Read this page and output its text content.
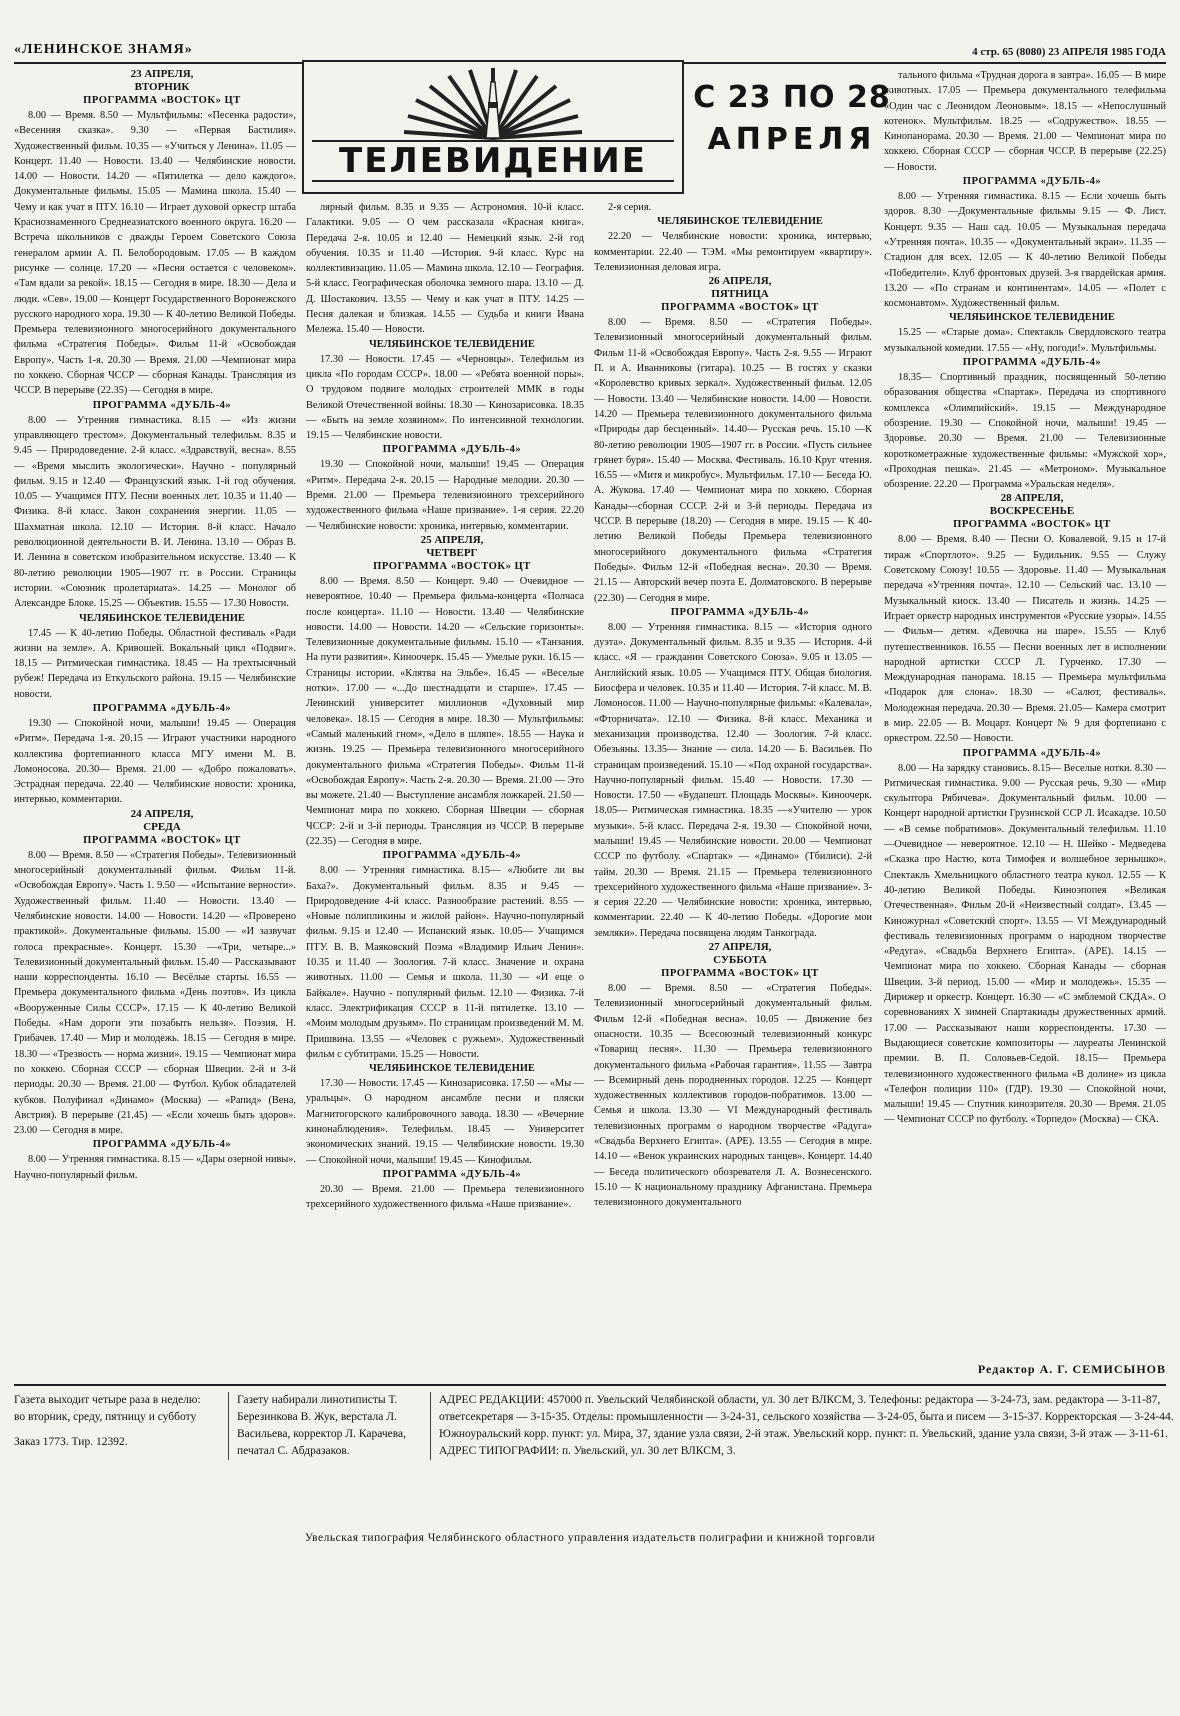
«ЛЕНИНСКОЕ ЗНАМЯ»	4 стр. 65 (8080) 23 АПРЕЛЯ 1985 ГОДА
ТЕЛЕВИДЕНИЕ
С 23 ПО 28
АПРЕЛЯ

23 АПРЕЛЯ,

ВТОРНИК

ПРОГРАММА «ВОСТОК» ЦТ

8.00 — Время. 8.50 — Мультфильмы: «Песенка радости», «Весенняя сказка». 9.30 — «Первая Бастилия». Художественный фильм. 10.35 — «Учиться у Ленина». 11.05 — Концерт. 11.40 — Новости. 13.40 — Челябинские новости. 14.00 — Новости. 14.20 — «Пятилетка — дело каждого». Документальные фильмы. 15.05 — Мамина школа. 15.40 —Чему и как учат в ПТУ. 16.10 — Играет духовой оркестр штаба Краснознаменного Среднеазиатского военного округа. 16.20 — Встреча школьников с дважды Героем Советского Союза генералом армии А. П. Белобородовым. 17.05 — В каждом рисунке — солнце. 17.20 — «Песня остается с человеком». «Там вдали за рекой». 18.15 — Сегодня в мире. 18.30 — Дела и люди. «Сев». 19.00 — Концерт Государственного Воронежского русского народного хора. 19.30 — К 40-летию Великой Победы. Премьера телевизионного многосерийного документального фильма «Стратегия Победы». Фильм 11-й «Освобождая Европу». Часть 1-я. 20.30 — Время. 21.00 —Чемпионат мира по хоккею. Сборная ЧССР — сборная Канады. Трансляция из ЧССР. В перерыве (22.35) — Сегодня в мире.

ПРОГРАММА «ДУБЛЬ-4»

8.00 — Утренняя гимнастика. 8.15 — «Из жизни управляющего трестом». Документальный телефильм. 8.35 и 9.45 — Природоведение. 2-й класс. «Здравствуй, весна». 8.55 — «Время мыслить экологически». Научно - популярный фильм. 9.15 и 12.40 — Французский язык. 1-й год обучения. 10.05 — Учащимся ПТУ. Песни военных лет. 10.35 и 11.40 — Физика. 8-й класс. Закон сохранения энергии. 11.05 — Шахматная школа. 12.10 — История. 8-й класс. Начало революционной деятельности В. И. Ленина. 13.10 — Образ В. И. Ленина в советском изобразительном искусстве. 13.40 — К 80-летию революции 1905—1907 гг. в России. Страницы истории. «Союзник пролетариата». 14.25 — Монолог об Александре Блоке. 15.25 — Объектив. 15.55 — 17.30 Новости.

ЧЕЛЯБИНСКОЕ ТЕЛЕВИДЕНИЕ

17.45 — К 40-летию Победы. Областной фестиваль «Ради жизни на земле». А. Кривошей. Вокальный цикл «Подвиг». 18.15 — Ритмическая гимнастика. 18.45 — На трехтысячный рубеж! Передача из Еткульского района. 19.15 — Челябинские новости.

ПРОГРАММА «ДУБЛЬ-4»

19.30 — Спокойной ночи, малыши! 19.45 — Операция «Ритм». Передача 1-я. 20.15 — Играют участники народного коллектива фортепианного класса МГУ имени М. В. Ломоносова. 20.30— Время. 21.00 — «Добро пожаловать». Эстрадная передача. 22.40 — Челябинские новости: хроника, интервью, комментарии.

24 АПРЕЛЯ,

СРЕДА

ПРОГРАММА «ВОСТОК» ЦТ

8.00 — Время. 8.50 — «Стратегия Победы». Телевизионный многосерийный документальный фильм. Фильм 11-й. «Освобождая Европу». Часть 1. 9.50 — «Испытание верности». Художественный фильм. 11.40 — Новости. 13.40 — Челябинские новости. 14.00 — Новости. 14.20 — «Проверено практикой». Документальные фильмы. 15.00 — «И зазвучат голоса прекрасные». Концерт. 15.30 —«Три, четыре...» Телевизионный документальный фильм. 15.40 — Рассказывают наши корреспонденты. 16.10 — Весёлые старты. 16.55 — Премьера документального фильма «День поэтов». Из цикла «Вооруженные Силы СССР». 17.15 — К 40-летию Великой Победы. «Нам дороги эти позабыть нельзя». Поэзия. Н. Грибачев. 17.40 — Мир и молодежь. 18.15 — Сегодня в мире. 18.30 — «Трезвость — норма жизни». 19.15 — Чемпионат мира по хоккею. Сборная СССР — сборная Швеции. 2-й и 3-й периоды. 20.30 — Время. 21.00 — Футбол. Кубок обладателей кубков. Полуфинал «Динамо» (Москва) — «Рапид» (Вена, Австрия). В перерыве (21.45) — «Если хочешь быть здоров». 23.00 — Сегодня в мире.

ПРОГРАММА «ДУБЛЬ-4»

8.00 — Утренняя гимнастика. 8.15 — «Дары озерной нивы». Научно-популярный фильм.

лярный фильм. 8.35 и 9.35 — Астрономия. 10-й класс. Галактики. 9.05 — О чем рассказала «Красная книга». Передача 2-я. 10.05 и 12.40 — Немецкий язык. 2-й год обучения. 10.35 и 11.40 —История. 9-й класс. Курс на коллективизацию. 11.05 — Мамина школа. 12.10 — География. 5-й класс. Географическая оболочка земного шара. 13.10 — Д. Д. Шостакович. 13.55 — Чему и как учат в ПТУ. 14.25 — Песня далекая и близкая. 14.55 — Судьба и книги Ивана Мележа. 15.40 — Новости.

ЧЕЛЯБИНСКОЕ ТЕЛЕВИДЕНИЕ

17.30 — Новости. 17.45 — «Черновцы». Телефильм из цикла «По городам СССР». 18.00 — «Ребята военной поры». О трудовом подвиге молодых строителей ММК в годы Великой Отечественной войны. 18.30 — Кинозарисовка. 18.35 — «Быть на земле хозяином». По интенсивной технологии. 19.15 — Челябинские новости.

ПРОГРАММА «ДУБЛЬ-4»

19.30 — Спокойной ночи, малыши! 19.45 — Операция «Ритм». Передача 2-я. 20.15 — Народные мелодии. 20.30 — Время. 21.00 — Премьера телевизионного трехсерийного художественного фильма «Наше призвание». 1-я серия. 22.20 — Челябинские новости: хроника, интервью, комментарии.

25 АПРЕЛЯ,

ЧЕТВЕРГ

ПРОГРАММА «ВОСТОК» ЦТ

8.00 — Время. 8.50 — Концерт. 9.40 — Очевидное — невероятное. 10.40 — Премьера фильма-концерта «Полчаса после концерта». 11.10 — Новости. 13.40 — Челябинские новости. 14.00 — Новости. 14.20 — «Сельские горизонты». Телевизионные документальные фильмы. 15.10 — «Танзания. На пути развития». Киноочерк. 15.45 — Умелые руки. 16.15 — Страницы истории. «Клятва на Эльбе». 16.45 — «Веселые нотки». 17.00 — «...До шестнадцати и старше». 17.45 — Ленинский университет миллионов «Духовный мир человека». 18.15 — Сегодня в мире. 18.30 — Мультфильмы: «Самый маленький гном», «Дело в шляпе». 18.55 — Наука и жизнь. 19.25 — Премьера телевизионного многосерийного документального фильма «Стратегия Победы». Фильм 11-й «Освобождая Европу». Часть 2-я. 20.30 — Время. 21.00 — Это вы можете. 21.40 — Выступление ансамбля ложкарей. 21.50 — Чемпионат мира по хоккею. Сборная Швеции — сборная ЧССР: 2-й и 3-й периоды. Трансляция из ЧССР. В перерыве (22.35) — Сегодня в мире.

ПРОГРАММА «ДУБЛЬ-4»

8.00 — Утренняя гимнастика. 8.15— «Любите ли вы Баха?». Документальный фильм. 8.35 и 9.45 — Природоведение 4-й класс. Разнообразие растений. 8.55 — «Новые полипликины и жилой район». Научно-популярный фильм. 9.15 и 12.40 — Испанский язык. 10.05— Учащимся ПТУ. В. В. Маяковский Поэма «Владимир Ильич Ленин». 10.35 и 11.40 — Зоология. 7-й класс. Значение и охрана животных. 11.00 — Семья и школа. 11.30 — «И еще о Байкале». Научно - популярный фильм. 12.10 — Физика. 7-й класс. Электрификация СССР в 11-й пятилетке. 13.10 — «Моим молодым друзьям». По страницам произведений М. М. Пришвина. 13.55 — «Человек с ружьем». Художественный фильм с субтитрами. 15.25 — Новости.

ЧЕЛЯБИНСКОЕ ТЕЛЕВИДЕНИЕ

17.30 — Новости. 17.45 — Кинозарисовка. 17.50 — «Мы — уральцы». О народном ансамбле песни и пляски Магнитогорского калибровочного завода. 18.30 — «Вечерние кинонаблюдения». Телефильм. 18.45 — Университет экономических знаний. 19.15 — Челябинские новости. 19.30 — Спокойной ночи, малыши! 19.45 — Кинофильм.

ПРОГРАММА «ДУБЛЬ-4»

20.30 — Время. 21.00 — Премьера телевизионного трехсерийного художественного фильма «Наше призвание».

2-я серия.

ЧЕЛЯБИНСКОЕ ТЕЛЕВИДЕНИЕ

22.20 — Челябинские новости: хроника, интервью, комментарии. 22.40 — ТЭМ. «Мы ремонтируем «квартиру». Телевизионная деловая игра.

26 АПРЕЛЯ,

ПЯТНИЦА

ПРОГРАММА «ВОСТОК» ЦТ

8.00 — Время. 8.50 — «Стратегия Победы». Телевизионный многосерийный документальный фильм. Фильм 11-й «Освобождая Европу». Часть 2-я. 9.55 — Играют П. и А. Иванниковы (гитара). 10.25 — В гостях у сказки «Королевство кривых зеркал». Художественный фильм. 12.05 — Новости. 13.40 — Челябинские новости. 14.00 — Новости. 14.20 — Премьера телевизионного документального фильма «Природы дар бесценный». 14.40— Русская речь. 15.10 —К 80-летию революции 1905—1907 гг. в России. «Пусть сильнее грянет буря». 15.40 — Москва. Фестиваль. 16.10 Круг чтения. 16.55 — «Митя и микробус». Мультфильм. 17.10 — Беседа Ю. А. Жукова. 17.40 — Чемпионат мира по хоккею. Сборная Канады—сборная СССР. 2-й и 3-й периоды. Передача из ЧССР. В перерыве (18.20) — Сегодня в мире. 19.15 — К 40-летию Великой Победы Премьера телевизионного многосерийного документального фильма «Стратегия Победы». Фильм 12-й «Победная весна». 20.30 — Время. 21.15 — Авторский вечер поэта Е. Долматовского. В перерыве (22.30) — Сегодня в мире.

ПРОГРАММА «ДУБЛЬ-4»

8.00 — Утренняя гимнастика. 8.15 — «История одного дуэта». Документальный фильм. 8.35 и 9.35 — История. 4-й класс. «Я — гражданин Советского Союза». 9.05 и 13.05 — Английский язык. 10.05 — Учащимся ПТУ. Общая биология. Биосфера и человек. 10.35 и 11.40 — История. 7-й класс. М. В. Ломоносов. 11.00 — Научно-популярные фильмы: «Калевала», «Фторничата». 12.10 — Физика. 8-й класс. Механика и механизация производства. 12.40 — Зоология. 7-й класс. Обезьяны. 13.35— Знание — сила. 14.20 — Б. Васильев. По страницам произведений. 15.10 — «Под охраной государства». Научно-популярный фильм. 15.40 — Новости. 17.30 — Новости. 17.50 — «Будапешт. Площадь Москвы». Киноочерк. 18.05— Ритмическая гимнастика. 18.35 —«Учителю — урок музыки». 5-й класс. Передача 2-я. 19.30 — Спокойной ночи, малыши! 19.45 — Челябинские новости. 20.00 — Чемпионат СССР по футболу. «Спартак» — «Динамо» (Тбилиси). 2-й тайм. 20.30 — Время. 21.15 — Премьера телевизионного трехсерийного художественного фильма «Наше призвание». 3-я серия 22.20 — Челябинские новости: хроника, интервью, комментарии. 22.40 — К 40-летию Победы. «Дорогие мои земляки». Передача посвящена людям Танкограда.

27 АПРЕЛЯ,

СУББОТА

ПРОГРАММА «ВОСТОК» ЦТ

8.00 — Время. 8.50 — «Стратегия Победы». Телевизионный многосерийный документальный фильм. Фильм 12-й «Победная весна». 10.05 — Движение без опасности. 10.35 — Всесоюзный телевизионный конкурс «Товарищ песня». 11.30 — Премьера телевизионного документального фильма «Рабочая гарантия». 11.55 — Завтра — Всемирный день породненных городов. 12.25 — Концерт художественных коллективов городов-побратимов. 13.00 — Семья и школа. 13.30 — VI Международный фестиваль телевизионных программ о народном творчестве «Радуга» «Свадьба Верхнего Египта». (АРЕ). 13.55 — Сегодня в мире. 14.10 — «Венок украинских народных танцев». Концерт. 14.40 — Беседа политического обозревателя Л. А. Вознесенского. 15.10 — К национальному празднику Афганистана. Премьера телевизионного документального

тального фильма «Трудная дорога в завтра». 16.05 — В мире животных. 17.05 — Премьера документального телефильма «Один час с Леонидом Леоновым». 18.15 — «Непослушный котенок». Мультфильм. 18.25 — «Содружество». 18.55 — Кинопанорама. 20.30 — Время. 21.00 — Чемпионат мира по хоккею. Сборная СССР — сборная ЧССР. В перерыве (22.25) — Новости.

ПРОГРАММА «ДУБЛЬ-4»

8.00 — Утренняя гимнастика. 8.15 — Если хочешь быть здоров. 8.30 —Документальные фильмы 9.15 — Ф. Лист. Концерт. 9.35 — Наш сад. 10.05 — Музыкальная передача «Утренняя почта». 10.35 — «Документальный экран». 11.35 — Стадион для всех. 12.05 — К 40-летию Великой Победы «Победители». Клуб фронтовых друзей. 3-я гвардейская армия. 13.20 — «По странам и континентам». 14.05 — «Полет с космонавтом». Художественный фильм.

ЧЕЛЯБИНСКОЕ ТЕЛЕВИДЕНИЕ

15.25 — «Старые дома». Спектакль Свердловского театра музыкальной комедии. 17.55 — «Ну, погоди!». Мультфильмы.

ПРОГРАММА «ДУБЛЬ-4»

18.35— Спортивный праздник, посвященный 50-летию образования общества «Спартак». Передача из спортивного комплекса «Олимпийский». 19.15 — Международное обозрение. 19.30 — Спокойной ночи, малыши! 19.45 — Здоровье. 20.30 — Время. 21.00 — Телевизионные короткометражные художественные фильмы: «Мужской хор», «Проходная пешка». 21.45 — «Метроном». Музыкальное обозрение. 22.20 — Программа «Уральская неделя».

28 АПРЕЛЯ,

ВОСКРЕСЕНЬЕ

ПРОГРАММА «ВОСТОК» ЦТ

8.00 — Время. 8.40 — Песни О. Ковалевой. 9.15 и 17-й тираж «Спортлото». 9.25 — Будильник. 9.55 — Служу Советскому Союзу! 10.55 — Здоровье. 11.40 — Музыкальная передача «Утренняя почта». 12.10 — Сельский час. 13.10 — Музыкальный киоск. 13.40 — Писатель и жизнь. 14.25 — Играет оркестр народных инструментов «Русские узоры». 14.55 — Фильм— детям. «Девочка на шаре». 15.55 — Клуб путешественников. 16.55 — Песни военных лет в исполнении народной артистки СССР Л. Гурченко. 17.30 — Международная панорама. 18.15 — Премьера мультфильма «Подарок для слона». 18.30 — «Салют, фестиваль». Молодежная передача. 20.30 — Время. 21.05— Камера смотрит в мир. 22.05 — В. Моцарт. Концерт № 9 для фортепиано с оркестром. 22.50 — Новости.

ПРОГРАММА «ДУБЛЬ-4»

8.00 — На зарядку становись. 8.15— Веселые нотки. 8.30 — Ритмическая гимнастика. 9.00 — Русская речь. 9.30 — «Мир скульптора Рябичева». Документальный фильм. 10.00 — Концерт народной артистки Грузинской ССР Л. Исакадзе. 10.50 — «В семье побратимов». Документальный телефильм. 11.10 —Очевидное — невероятное. 12.10 — Н. Шейко - Медведева «Сказка про Настю, кота Тимофея и волшебное зернышко». Спектакль Хмельницкого областного театра кукол. 12.55 — К 40-летию Великой Победы. Киноэпопея «Великая Отечественная». Фильм 20-й «Неизвестный солдат». 13.45 — Киножурнал «Советский спорт». 13.55 — VI Международный фестиваль телевизионных программ о народном творчестве «Редуга». «Свадьба Верхнего Египта». (АРЕ). 14.15 — Чемпионат мира по хоккею. Сборная Канады — сборная Швеции. 3-й период. 15.00 — «Мир и молодежь». 15.35 — Дирижер и оркестр. Концерт. 16.30 — «С эмблемой СКДА». О соревнованиях Х зимней Спартакиады дружественных армий. 17.00 — Рассказывают наши корреспонденты. 17.30 — Выдающиеся советские композиторы — лауреаты Ленинской премии. В. П. Соловьев-Седой. 18.15— Премьера телевизионного художественного фильма «В долине» из цикла «Телефон полиции 110» (ГДР). 19.30 — Спокойной ночи, малыши! 19.45 — Спутник кинозрителя. 20.30 — Время. 21.05 — Чемпионат СССР по футболу. «Торпедо» (Москва) — СКА.

Редактор А. Г. СЕМИСЫНОВ
Газета выходит четыре раза в неделю: во вторник, среду, пятницу и субботу
Заказ 1773. Тир. 12392.
Газету набирали линотиписты Т. Березинкова В. Жук, верстала Л. Васильева, корректор Л. Карачева, печатал С. Абдразаков.
АДРЕС РЕДАКЦИИ: 457000 п. Увельский Челябинской области, ул. 30 лет ВЛКСМ, 3. Телефоны: редактора — 3-24-73, зам. редактора — 3-11-87, ответсекретаря — 3-15-35. Отделы: промышленности — 3-24-31, сельского хозяйства — 3-24-05, быта и писем — 3-15-37. Корректорская — 3-24-44. Южноуральский корр. пункт: ул. Мира, 37, здание узла связи, 2-й этаж. Увельский корр. пункт: п. Увельский, здание узла связи, 3-й этаж — 3-11-61. АДРЕС ТИПОГРАФИИ: п. Увельский, ул. 30 лет ВЛКСМ, 3.
Увельская типография Челябинского областного управления издательств полиграфии и книжной торговли
